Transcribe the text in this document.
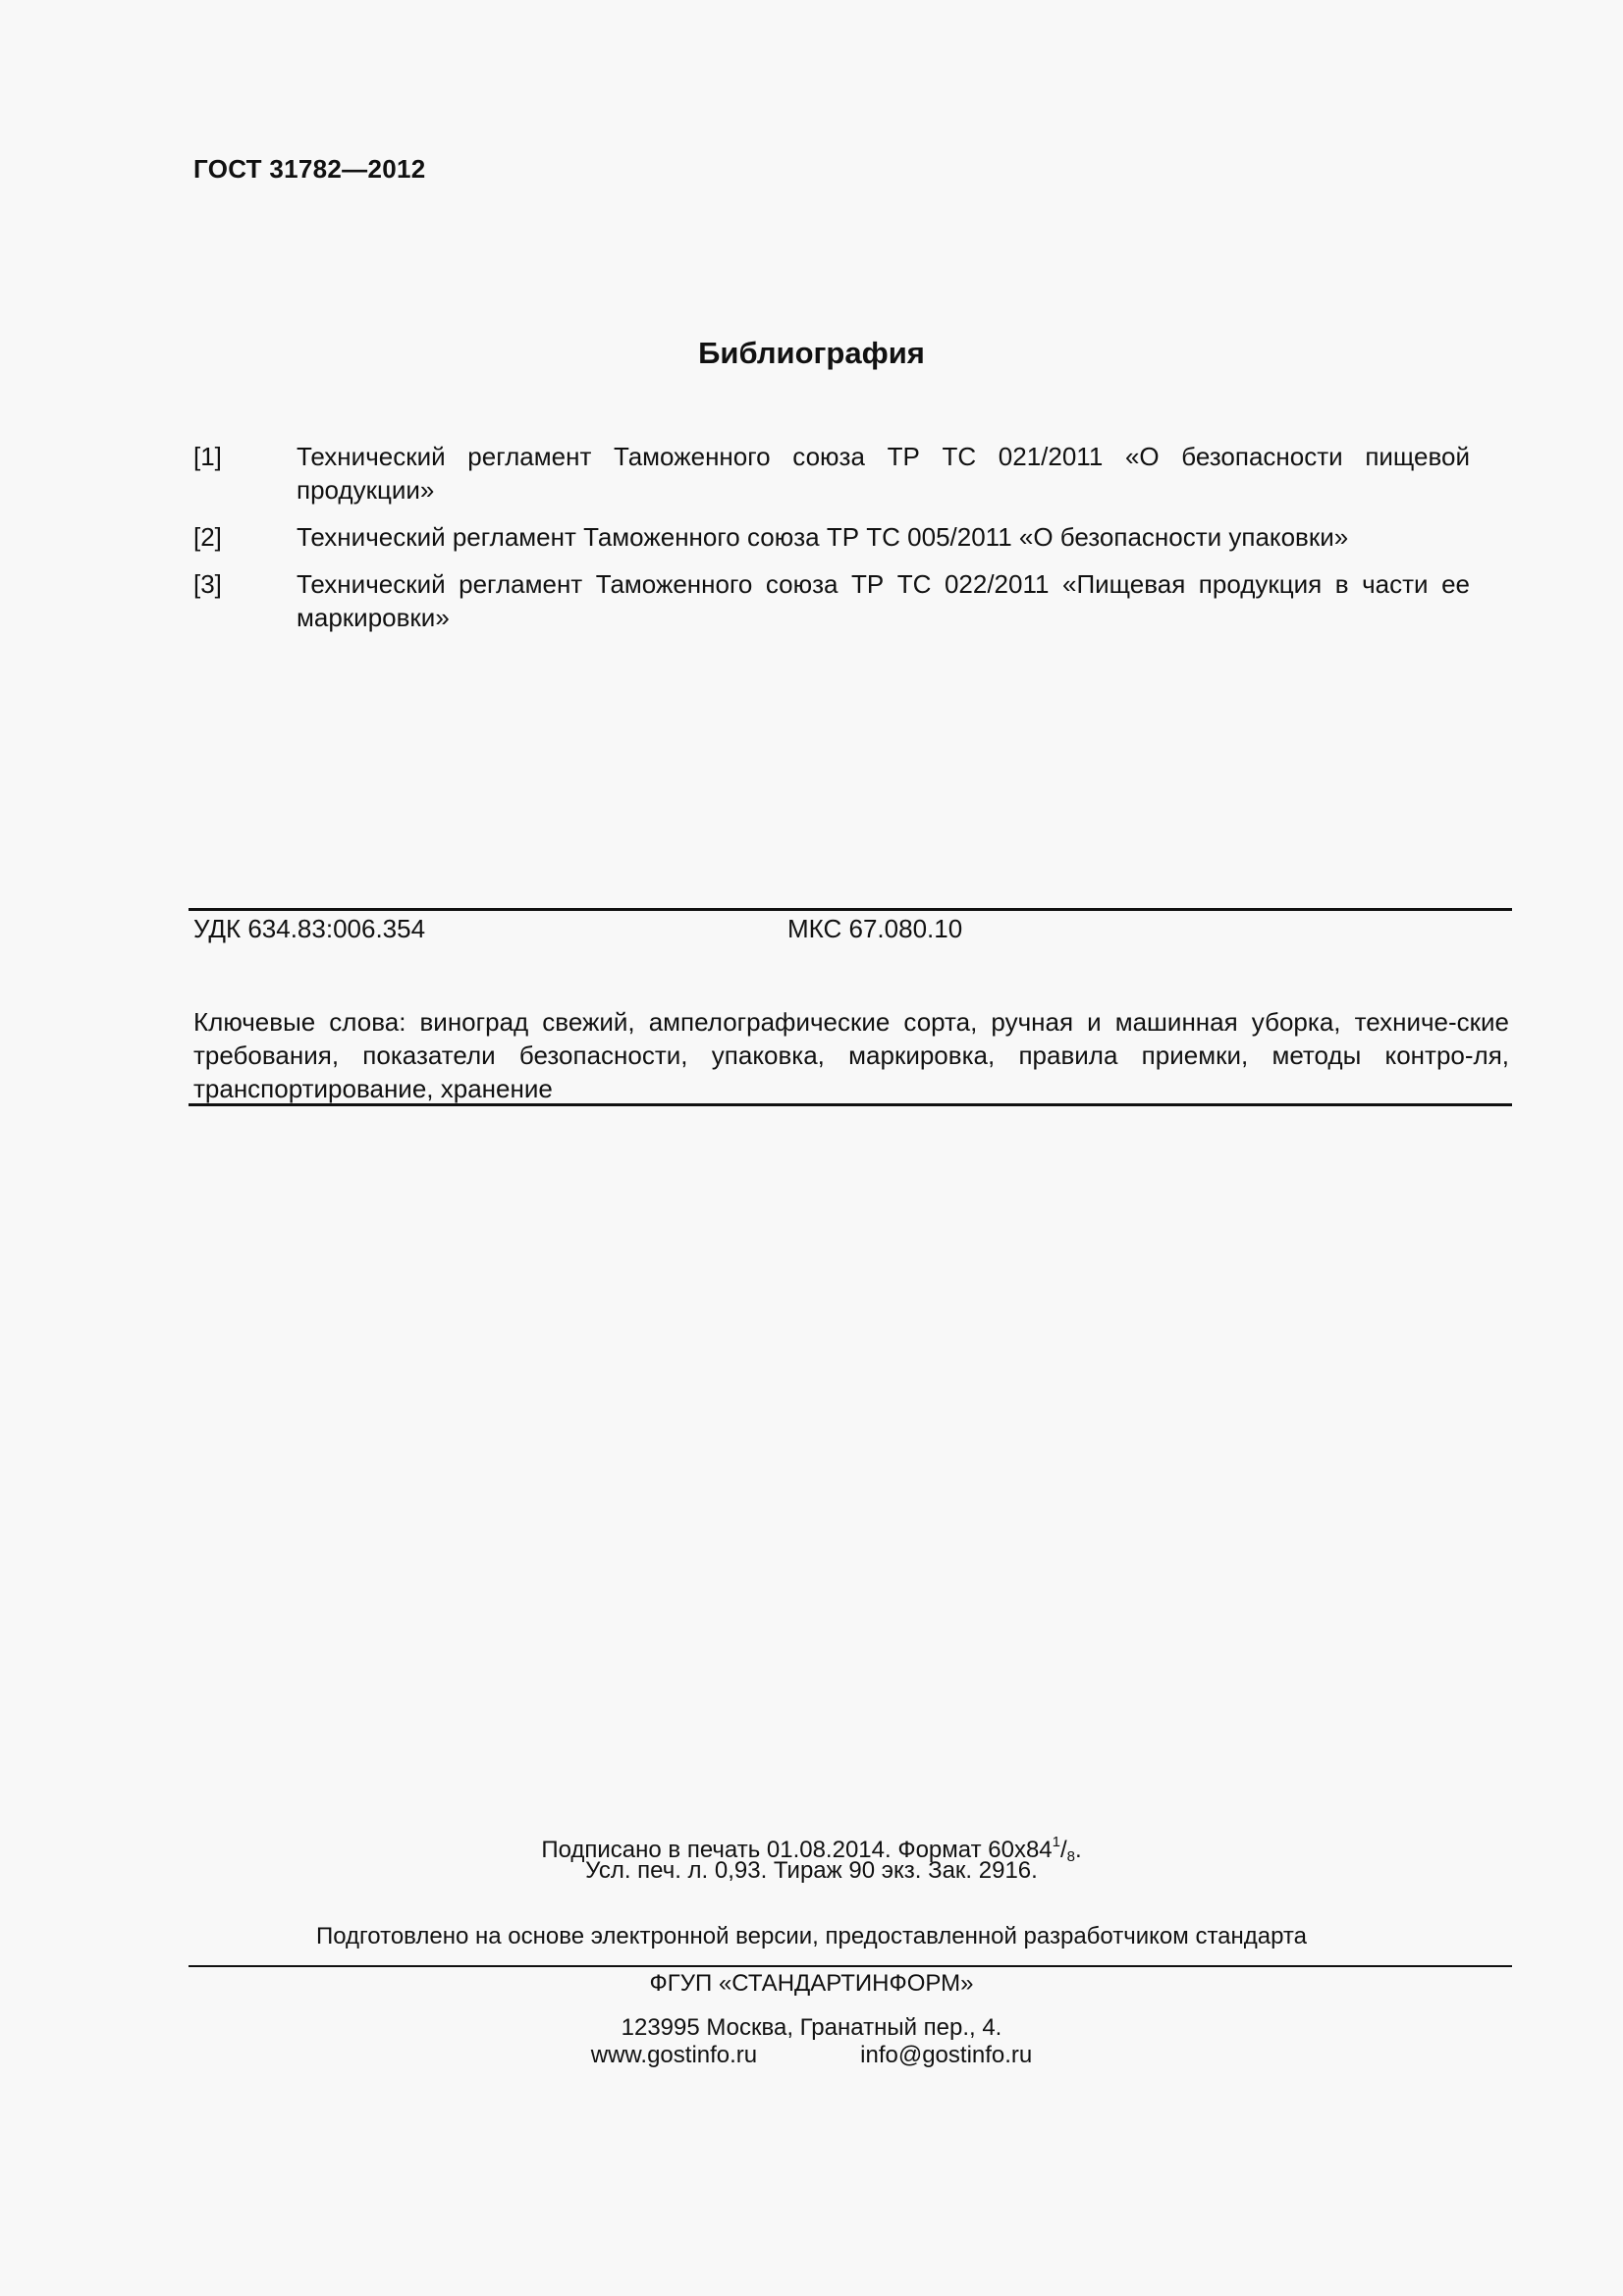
ГОСТ 31782—2012
Библиография
[1]	Технический регламент Таможенного союза ТР ТС 021/2011 «О безопасности пищевой продукции»
[2]	Технический регламент Таможенного союза ТР ТС 005/2011 «О безопасности упаковки»
[3]	Технический регламент Таможенного союза ТР ТС 022/2011 «Пищевая продукция в части ее маркировки»
УДК 634.83:006.354	МКС 67.080.10
Ключевые слова: виноград свежий, ампелографические сорта, ручная и машинная уборка, техниче-ские требования, показатели безопасности, упаковка, маркировка, правила приемки, методы контро-ля, транспортирование, хранение
Подписано в печать 01.08.2014. Формат $60х84^1/_8$.
Усл. печ. л. 0,93. Тираж 90 экз. Зак. 2916.
Подготовлено на основе электронной версии, предоставленной разработчиком стандарта
ФГУП «СТАНДАРТИНФОРМ»
123995 Москва, Гранатный пер., 4.
www.gostinfo.ru	info@gostinfo.ru
